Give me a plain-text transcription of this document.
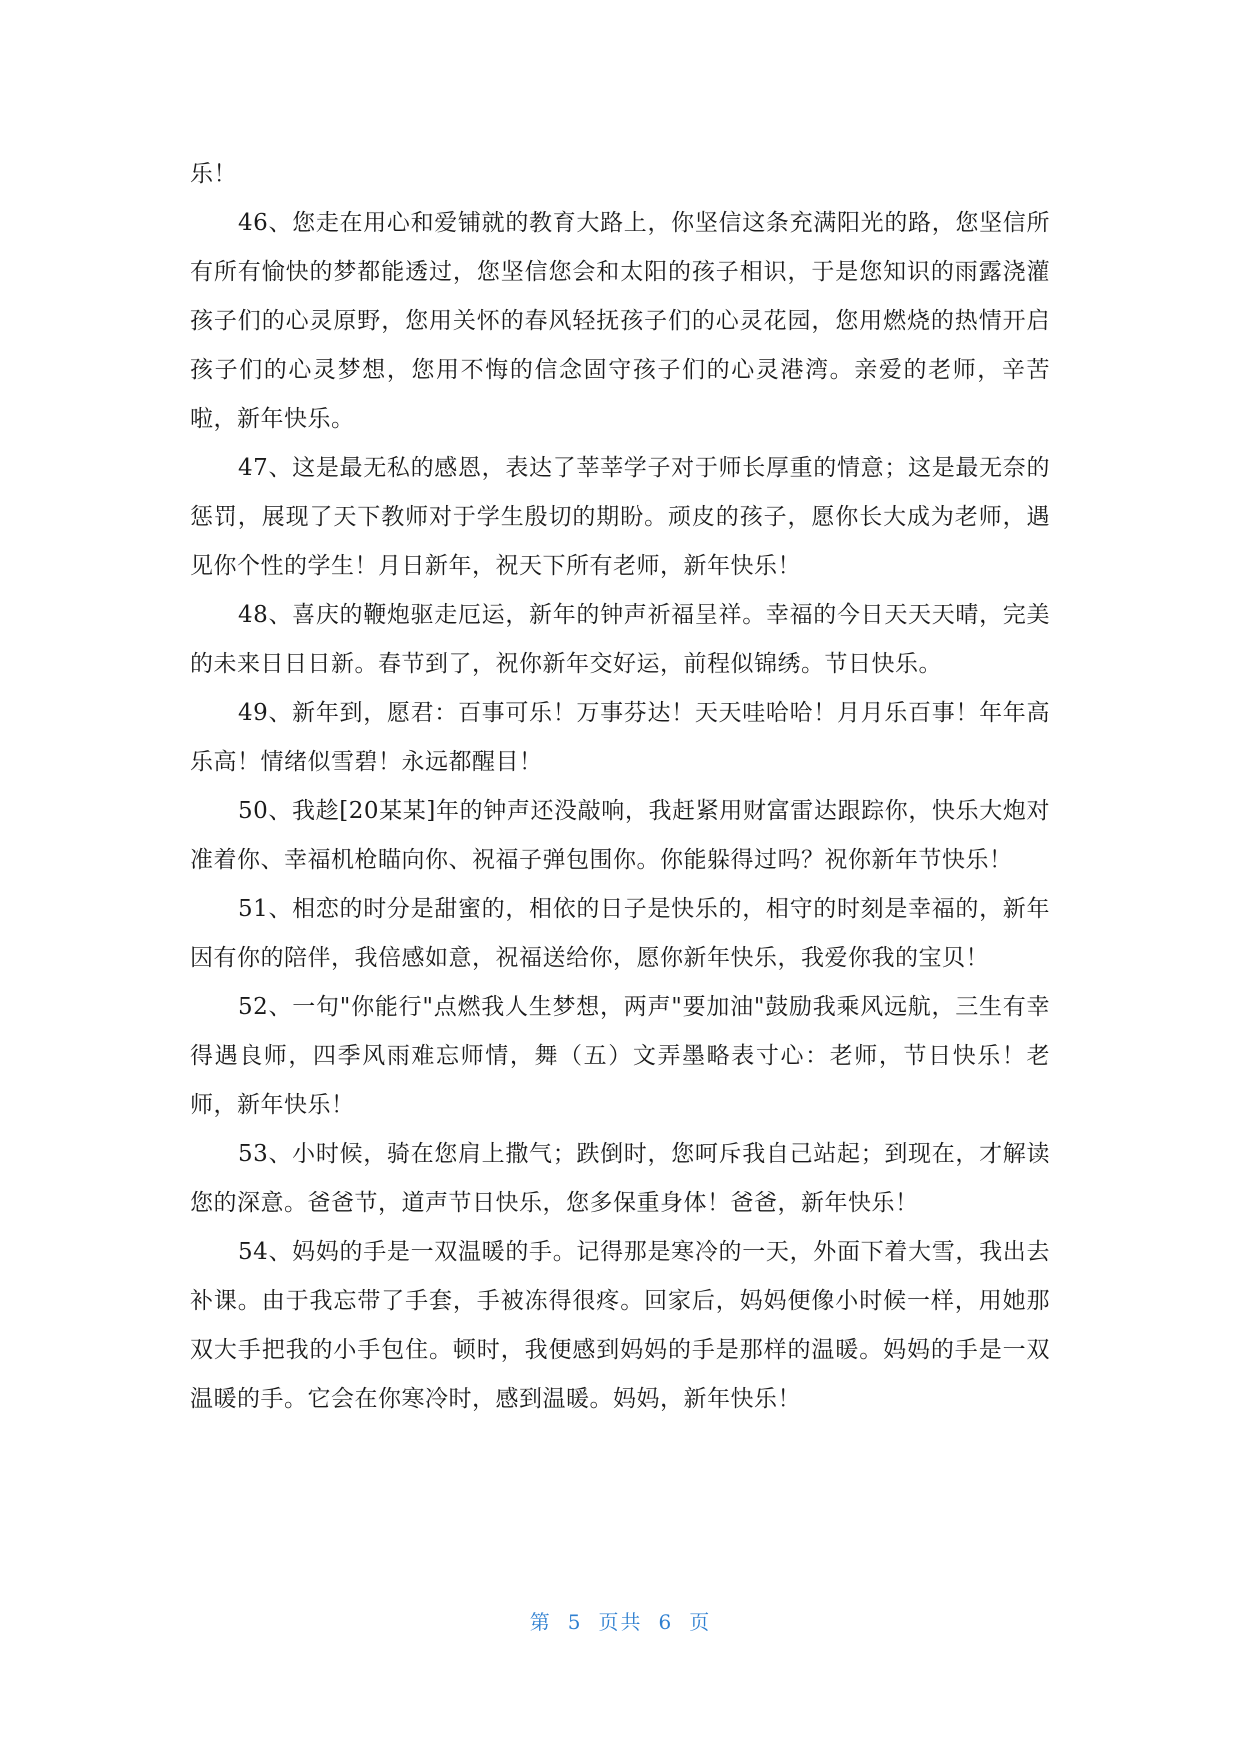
乐！

46、您走在用心和爱铺就的教育大路上，你坚信这条充满阳光的路，您坚信所有所有愉快的梦都能透过，您坚信您会和太阳的孩子相识，于是您知识的雨露浇灌孩子们的心灵原野，您用关怀的春风轻抚孩子们的心灵花园，您用燃烧的热情开启孩子们的心灵梦想，您用不悔的信念固守孩子们的心灵港湾。亲爱的老师，辛苦啦，新年快乐。

47、这是最无私的感恩，表达了莘莘学子对于师长厚重的情意；这是最无奈的惩罚，展现了天下教师对于学生殷切的期盼。顽皮的孩子，愿你长大成为老师，遇见你个性的学生！月日新年，祝天下所有老师，新年快乐！

48、喜庆的鞭炮驱走厄运，新年的钟声祈福呈祥。幸福的今日天天天晴，完美的未来日日日新。春节到了，祝你新年交好运，前程似锦绣。节日快乐。

49、新年到，愿君：百事可乐！万事芬达！天天哇哈哈！月月乐百事！年年高乐高！情绪似雪碧！永远都醒目！

50、我趁[20某某]年的钟声还没敲响，我赶紧用财富雷达跟踪你，快乐大炮对准着你、幸福机枪瞄向你、祝福子弹包围你。你能躲得过吗？祝你新年节快乐！

51、相恋的时分是甜蜜的，相依的日子是快乐的，相守的时刻是幸福的，新年因有你的陪伴，我倍感如意，祝福送给你，愿你新年快乐，我爱你我的宝贝！

52、一句"你能行"点燃我人生梦想，两声"要加油"鼓励我乘风远航，三生有幸得遇良师，四季风雨难忘师情，舞（五）文弄墨略表寸心：老师，节日快乐！老师，新年快乐！

53、小时候，骑在您肩上撒气；跌倒时，您呵斥我自己站起；到现在，才解读您的深意。爸爸节，道声节日快乐，您多保重身体！爸爸，新年快乐！

54、妈妈的手是一双温暖的手。记得那是寒冷的一天，外面下着大雪，我出去补课。由于我忘带了手套，手被冻得很疼。回家后，妈妈便像小时候一样，用她那双大手把我的小手包住。顿时，我便感到妈妈的手是那样的温暖。妈妈的手是一双温暖的手。它会在你寒冷时，感到温暖。妈妈，新年快乐！

第 5 页共 6 页
